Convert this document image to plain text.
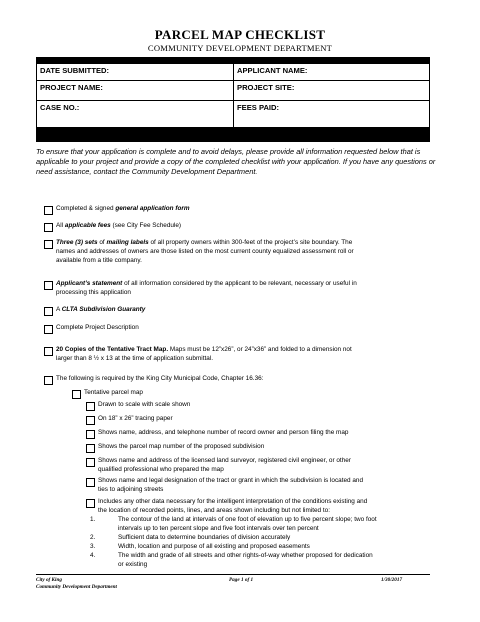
PARCEL MAP CHECKLIST
COMMUNITY DEVELOPMENT DEPARTMENT
DATE SUBMITTED:	APPLICANT NAME:
PROJECT NAME:	PROJECT SITE:
CASE NO.:	FEES PAID:
To ensure that your application is complete and to avoid delays, please provide all information requested below that is applicable to your project and provide a copy of the completed checklist with your application. If you have any questions or need assistance, contact the Community Development Department.
Completed & signed general application form
All applicable fees (see City Fee Schedule)
Three (3) sets of mailing labels of all property owners within 300-feet of the project’s site boundary. The
names and addresses of owners are those listed on the most current county equalized assessment roll or
available from a title company.
Applicant’s statement of all information considered by the applicant to be relevant, necessary or useful in
processing this application
A CLTA Subdivision Guaranty
Complete Project Description
20 Copies of the Tentative Tract Map. Maps must be 12”x26”, or 24”x36” and folded to a dimension not
larger than 8 ½ x 13 at the time of application submittal.
The following is required by the King City Municipal Code, Chapter 16.36:
Tentative parcel map
Drawn to scale with scale shown
On 18” x 26” tracing paper
Shows name, address, and telephone number of record owner and person filing the map
Shows the parcel map number of the proposed subdivision
Shows name and address of the licensed land surveyor, registered civil engineer, or other
qualified professional who prepared the map
Shows name and legal designation of the tract or grant in which the subdivision is located and
ties to adjoining streets
Includes any other data necessary for the intelligent interpretation of the conditions existing and
the location of recorded points, lines, and areas shown including but not limited to:
1.	The contour of the land at intervals of one foot of elevation up to five percent slope; two foot
intervals up to ten percent slope and five foot intervals over ten percent
2.	Sufficient data to determine boundaries of division accurately
3.	Width, location and purpose of all existing and proposed easements
4.	The width and grade of all streets and other rights-of-way whether proposed for dedication
or existing
City of King
Community Development Department
Page 1 of 1	1/30/2017
